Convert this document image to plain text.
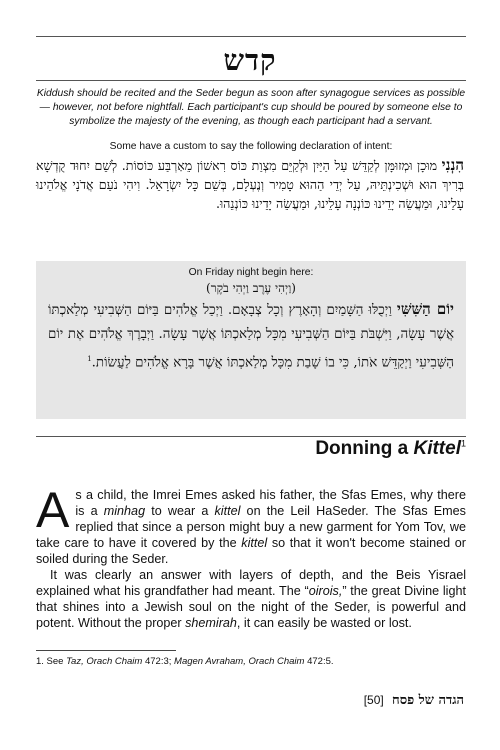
קדש
Kiddush should be recited and the Seder begun as soon after synagogue services as possible — however, not before nightfall. Each participant's cup should be poured by someone else to symbolize the majesty of the evening, as though each participant had a servant.
Some have a custom to say the following declaration of intent:
הִנְנִי מוּכָן וּמְזוּמָּן לְקַדֵּשׁ עַל הַיַּיִן וּלְקַיֵּם מִצְוַת כּוֹס רִאשׁוֹן מֵאַרְבַּע כּוֹסוֹת. לְשֵׁם יִחוּד קֻדְשָׁא בְּרִיךְ הוּא וּשְׁכִינְתֵּיהּ, עַל יְדֵי הַהוּא טָמִיר וְנֶעְלָם, בְּשֵׁם כָּל יִשְׂרָאֵל. וִיהִי נֹעַם אֲדֹנָי אֱלֹהֵינוּ עָלֵינוּ, וּמַעֲשֵׂה יָדֵינוּ כּוֹנְנָה עָלֵינוּ, וּמַעֲשֵׂה יָדֵינוּ כּוֹנְנֵהוּ.
On Friday night begin here:
(וַיְהִי עֶרֶב וַיְהִי בֹקֶר)
יוֹם הַשִּׁשִּׁי וַיְכֻלּוּ הַשָּׁמַיִם וְהָאָרֶץ וְכָל צְבָאָם. וַיְכַל אֱלֹהִים בַּיּוֹם הַשְּׁבִיעִי מְלַאכְתּוֹ אֲשֶׁר עָשָׂה, וַיִּשְׁבֹּת בַּיּוֹם הַשְּׁבִיעִי מִכָּל מְלַאכְתּוֹ אֲשֶׁר עָשָׂה. וַיְבָרֶךְ אֱלֹהִים אֶת יוֹם הַשְּׁבִיעִי וַיְקַדֵּשׁ אֹתוֹ, כִּי בוֹ שָׁבַת מִכָּל מְלַאכְתּוֹ אֲשֶׁר בָּרָא אֱלֹהִים לַעֲשׂוֹת.$^1$
Donning a Kittel$^1$
As a child, the Imrei Emes asked his father, the Sfas Emes, why there is a minhag to wear a kittel on the Leil HaSeder. The Sfas Emes replied that since a person might buy a new garment for Yom Tov, we take care to have it covered by the kittel so that it won't become stained or soiled during the Seder.
It was clearly an answer with layers of depth, and the Beis Yisrael explained what his grandfather had meant. The “oirois,” the great Divine light that shines into a Jewish soul on the night of the Seder, is powerful and potent. Without the proper shemirah, it can easily be wasted or lost.
1. See Taz, Orach Chaim 472:3; Magen Avraham, Orach Chaim 472:5.
הגדה של פסח  [50]
